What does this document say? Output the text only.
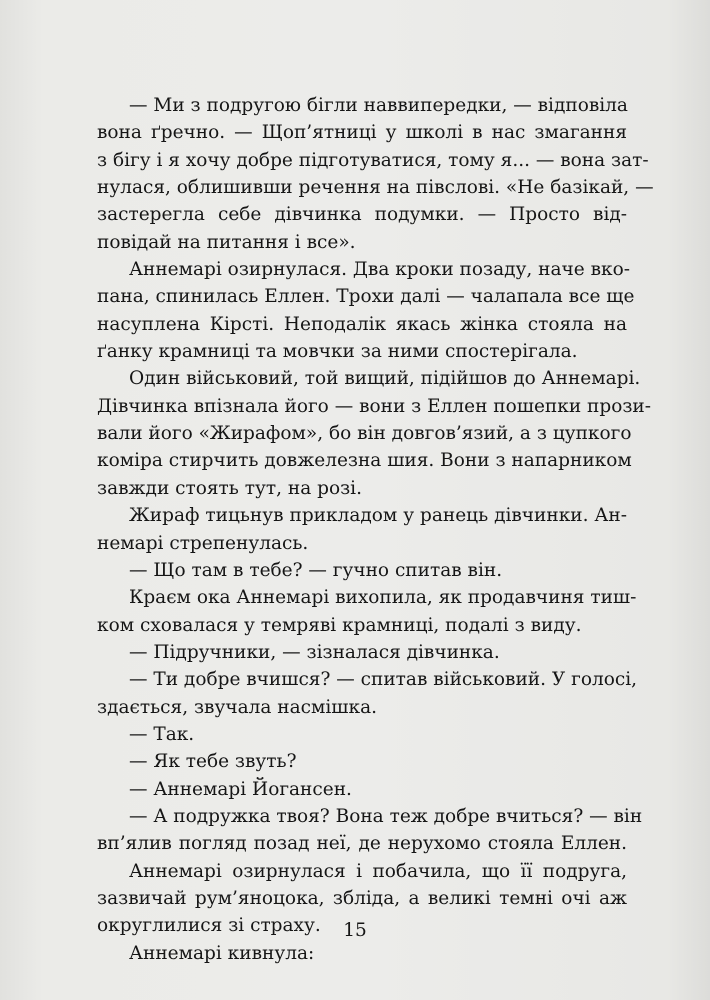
— Ми з подругою бігли наввипередки, — відповіла
вона ґречно. — Щоп’ятниці у школі в нас змагання
з бігу і я хочу добре підготуватися, тому я... — вона зат-
нулася, облишивши речення на півслові. «Не базікай, —
застерегла себе дівчинка подумки. — Просто від-
повідай на питання і все».
Аннемарі озирнулася. Два кроки позаду, наче вко-
пана, спинилась Еллен. Трохи далі — чалапала все ще
насуплена Кірсті. Неподалік якась жінка стояла на
ґанку крамниці та мовчки за ними спостерігала.
Один військовий, той вищий, підійшов до Аннемарі.
Дівчинка впізнала його — вони з Еллен пошепки прози-
вали його «Жирафом», бо він довгов’язий, а з цупкого
коміра стирчить довжелезна шия. Вони з напарником
завжди стоять тут, на розі.
Жираф тицьнув прикладом у ранець дівчинки. Ан-
немарі стрепенулась.
— Що там в тебе? — гучно спитав він.
Краєм ока Аннемарі вихопила, як продавчиня тиш-
ком сховалася у темряві крамниці, подалі з виду.
— Підручники, — зізналася дівчинка.
— Ти добре вчишся? — спитав військовий. У голосі,
здається, звучала насмішка.
— Так.
— Як тебе звуть?
— Аннемарі Йогансен.
— А подружка твоя? Вона теж добре вчиться? — він
вп’ялив погляд позад неї, де нерухомо стояла Еллен.
Аннемарі озирнулася і побачила, що її подруга,
зазвичай рум’яноцока, збліда, а великі темні очі аж
округлилися зі страху.
Аннемарі кивнула:
15
